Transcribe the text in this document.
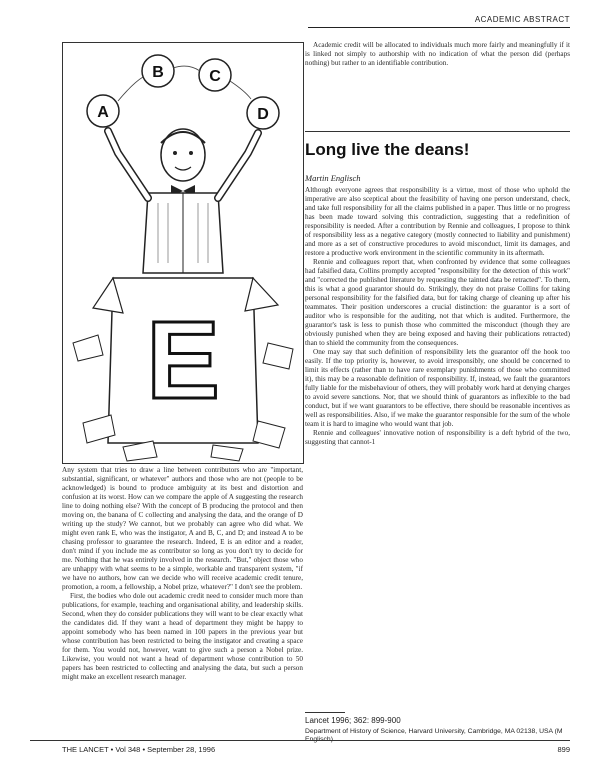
ACADEMIC ABSTRACT
A
B	C
D
E

Any system that tries to draw a line between contributors who are "important, substantial, significant, or whatever" authors and those who are not (people to be acknowledged) is bound to produce ambiguity at its best and distortion and confusion at its worst. How can we compare the apple of A suggesting the research line to doing nothing else? With the concept of B producing the protocol and then moving on, the banana of C collecting and analysing the data, and the orange of D writing up the study? We cannot, but we probably can agree who did what. We might even rank E, who was the instigator, A and B, C, and D; and instead A to be chasing professor to guarantee the research. Indeed, E is an editor and a reader, don't mind if you include me as contributor so long as you don't try to decide for me. Nothing that he was entirely involved in the research. "But," object those who are unhappy with what seems to be a simple, workable and transparent system, "if we have no authors, how can we decide who will receive academic credit tenure, promotion, a room, a fellowship, a Nobel prize, whatever?" I don't see the problem.

First, the bodies who dole out academic credit need to consider much more than publications, for example, teaching and organisational ability, and leadership skills. Second, when they do consider publications they will want to be clear exactly what the candidates did. If they want a head of department they might be happy to appoint somebody who has been named in 100 papers in the previous year but whose contribution has been restricted to being the instigator and creating a space for them. You would not, however, want to give such a person a Nobel prize. Likewise, you would not want a head of department whose contribution to 50 papers has been restricted to collecting and analysing the data, but such a person might make an excellent research manager.

Academic credit will be allocated to individuals much more fairly and meaningfully if it is linked not simply to authorship with no indication of what the person did (perhaps nothing) but rather to an identifiable contribution.

Long live the deans!
Martin Englisch

Although everyone agrees that responsibility is a virtue, most of those who uphold the imperative are also sceptical about the feasibility of having one person understand, check, and take full responsibility for all the claims published in a paper. Thus little or no progress has been made toward solving this contradiction, suggesting that a redefinition of responsibility is needed. After a contribution by Rennie and colleagues, I propose to think of responsibility less as a negative category (mostly connected to liability and punishment) and more as a set of constructive procedures to avoid misconduct, limit its damages, and restore a productive work environment in the scientific community in its aftermath.

Rennie and colleagues report that, when confronted by evidence that some colleagues had falsified data, Collins promptly accepted "responsibility for the detection of this work" and "corrected the published literature by requesting the tainted data be retracted". To them, this is what a good guarantor should do. Strikingly, they do not praise Collins for taking personal responsibility for the falsified data, but for taking charge of cleaning up after his teammates. Their position underscores a crucial distinction: the guarantor is a sort of auditor who is responsible for the auditing, not that which is audited. Furthermore, the guarantor's task is less to punish those who committed the misconduct (though they are obviously punished when they are being exposed and having their publications retracted) than to shield the community from the consequences.

One may say that such definition of responsibility lets the guarantor off the hook too easily. If the top priority is, however, to avoid irresponsibly, one should be concerned to limit its effects (rather than to have rare exemplary punishments of those who committed it), this may be a reasonable definition of responsibility. If, instead, we fault the guarantors fully liable for the misbehaviour of others, they will probably work hard at denying charges to avoid severe sanctions. Nor, that we should think of guarantors as inflexible to the bad conduct, but if we want guarantors to be effective, there should be reasonable incentives as well as responsibilities. Also, if we make the guarantor responsible for the sum of the whole team it is hard to imagine who would want that job.

Rennie and colleagues' innovative notion of responsibility is a deft hybrid of the two, suggesting that cannot-1

Lancet 1996; 362: 899-900
Department of History of Science, Harvard University, Cambridge, MA 02138, USA (M
THE LANCET • Vol 348 • September 28, 1996	899
